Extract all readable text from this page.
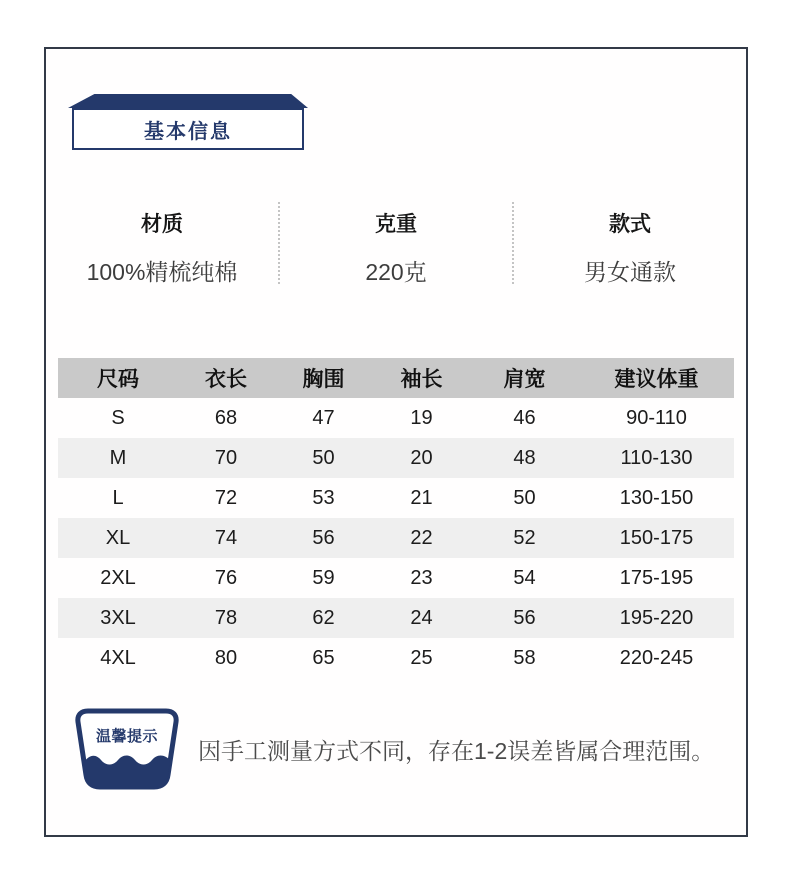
基本信息
材质
100%精梳纯棉
克重
220克
款式
男女通款
尺码	衣长	胸围	袖长	肩宽	建议体重
S	68	47	19	46	90-110
M	70	50	20	48	110-130
L	72	53	21	50	130-150
XL	74	56	22	52	150-175
2XL	76	59	23	54	175-195
3XL	78	62	24	56	195-220
4XL	80	65	25	58	220-245
温馨提示
因手工测量方式不同，存在1-2误差皆属合理范围。
